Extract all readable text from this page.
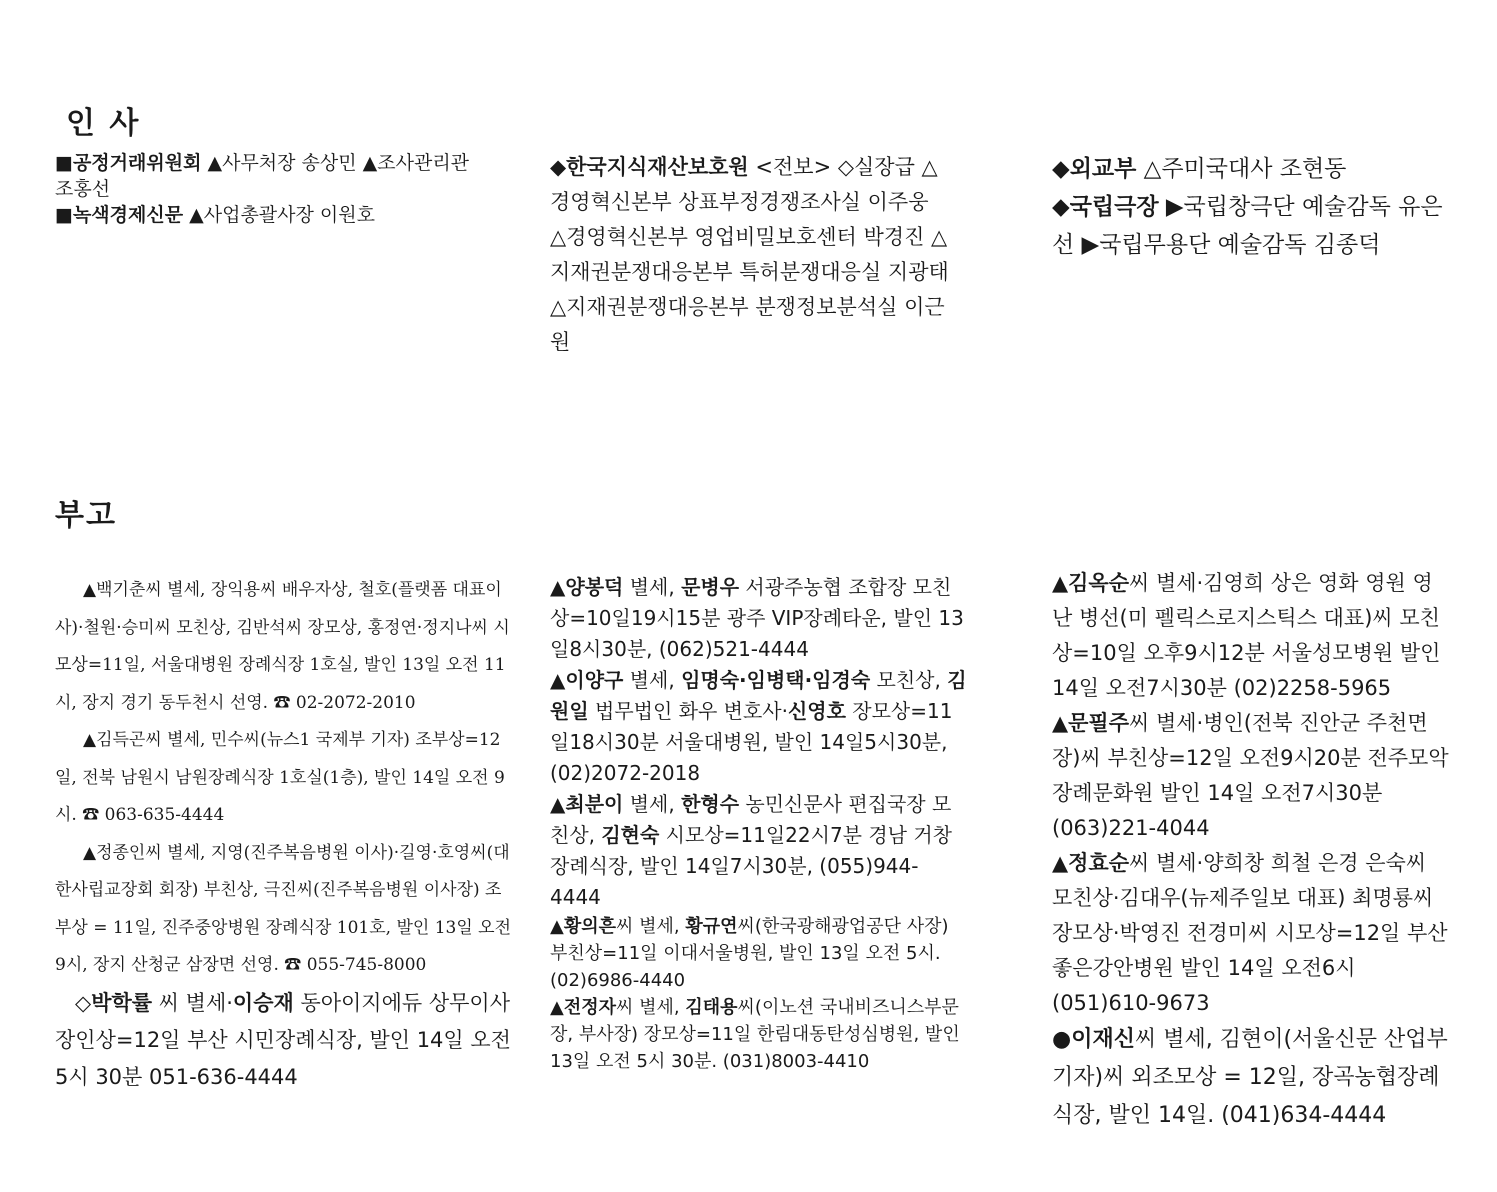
인 사

■공정거래위원회 ▲사무처장 송상민 ▲조사관리관 조홍선

■녹색경제신문 ▲사업총괄사장 이원호

◆한국지식재산보호원 <전보> ◇실장급 △경영혁신본부 상표부정경쟁조사실 이주웅 △경영혁신본부 영업비밀보호센터 박경진 △지재권분쟁대응본부 특허분쟁대응실 지광태 △지재권분쟁대응본부 분쟁정보분석실 이근원

◆외교부 △주미국대사 조현동

◆국립극장 ▶국립창극단 예술감독 유은선 ▶국립무용단 예술감독 김종덕

부고

▲백기춘씨 별세, 장익용씨 배우자상, 철호(플랫폼 대표이사)·철원·승미씨 모친상, 김반석씨 장모상, 홍정연·정지나씨 시모상=11일, 서울대병원 장례식장 1호실, 발인 13일 오전 11시, 장지 경기 동두천시 선영. ☎ 02-2072-2010

▲김득곤씨 별세, 민수씨(뉴스1 국제부 기자) 조부상=12일, 전북 남원시 남원장례식장 1호실(1층), 발인 14일 오전 9시. ☎ 063-635-4444

▲정종인씨 별세, 지영(진주복음병원 이사)·길영·호영씨(대한사립교장회 회장) 부친상, 극진씨(진주복음병원 이사장) 조부상 = 11일, 진주중앙병원 장례식장 101호, 발인 13일 오전 9시, 장지 산청군 삼장면 선영. ☎ 055-745-8000

◇박학률 씨 별세·이승재 동아이지에듀 상무이사 장인상=12일 부산 시민장례식장, 발인 14일 오전 5시 30분 051-636-4444

▲양봉덕 별세, 문병우 서광주농협 조합장 모친상=10일19시15분 광주 VIP장례타운, 발인 13일8시30분, (062)521-4444

▲이양구 별세, 임명숙·임병택·임경숙 모친상, 김원일 법무법인 화우 변호사·신영호 장모상=11일18시30분 서울대병원, 발인 14일5시30분, (02)2072-2018

▲최분이 별세, 한형수 농민신문사 편집국장 모친상, 김현숙 시모상=11일22시7분 경남 거창장례식장, 발인 14일7시30분, (055)944-4444

▲황의흔씨 별세, 황규연씨(한국광해광업공단 사장) 부친상=11일 이대서울병원, 발인 13일 오전 5시. (02)6986-4440

▲전정자씨 별세, 김태용씨(이노션 국내비즈니스부문장, 부사장) 장모상=11일 한림대동탄성심병원, 발인 13일 오전 5시 30분. (031)8003-4410

▲김옥순씨 별세·김영희 상은 영화 영원 영난 병선(미 펠릭스로지스틱스 대표)씨 모친상=10일 오후9시12분 서울성모병원 발인 14일 오전7시30분 (02)2258-5965

▲문필주씨 별세·병인(전북 진안군 주천면장)씨 부친상=12일 오전9시20분 전주모악장례문화원 발인 14일 오전7시30분 (063)221-4044

▲정효순씨 별세·양희창 희철 은경 은숙씨 모친상·김대우(뉴제주일보 대표) 최명룡씨 장모상·박영진 전경미씨 시모상=12일 부산좋은강안병원 발인 14일 오전6시 (051)610-9673

●이재신씨 별세, 김현이(서울신문 산업부 기자)씨 외조모상 = 12일, 장곡농협장례식장, 발인 14일. (041)634-4444
